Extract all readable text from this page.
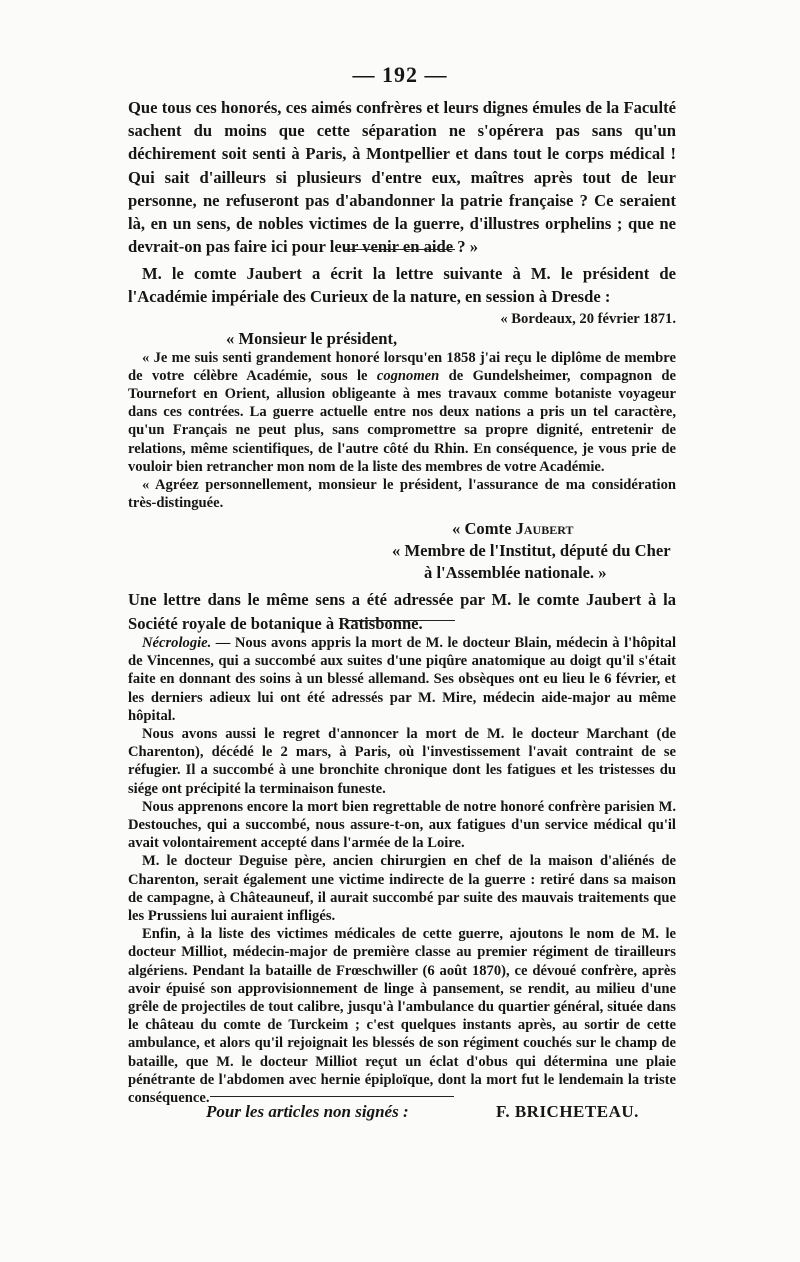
— 192 —

Que tous ces honorés, ces aimés confrères et leurs dignes émules de la Faculté sachent du moins que cette séparation ne s'opérera pas sans qu'un déchirement soit senti à Paris, à Montpellier et dans tout le corps médical ! Qui sait d'ailleurs si plusieurs d'entre eux, maîtres après tout de leur personne, ne refuseront pas d'abandonner la patrie française ? Ce seraient là, en un sens, de nobles victimes de la guerre, d'illustres orphelins ; que ne devrait-on pas faire ici pour leur venir en aide ? »

M. le comte Jaubert a écrit la lettre suivante à M. le président de l'Académie impériale des Curieux de la nature, en session à Dresde :

« Bordeaux, 20 février 1871.

« Monsieur le président,

« Je me suis senti grandement honoré lorsqu'en 1858 j'ai reçu le diplôme de membre de votre célèbre Académie, sous le cognomen de Gundelsheimer, compagnon de Tournefort en Orient, allusion obligeante à mes travaux comme botaniste voyageur dans ces contrées. La guerre actuelle entre nos deux nations a pris un tel caractère, qu'un Français ne peut plus, sans compromettre sa propre dignité, entretenir de relations, même scientifiques, de l'autre côté du Rhin. En conséquence, je vous prie de vouloir bien retrancher mon nom de la liste des membres de votre Académie.

« Agréez personnellement, monsieur le président, l'assurance de ma considération très-distinguée.

« Comte Jaubert

« Membre de l'Institut, député du Cher

à l'Assemblée nationale. »

Une lettre dans le même sens a été adressée par M. le comte Jaubert à la Société royale de botanique à Ratisbonne.

Nécrologie. — Nous avons appris la mort de M. le docteur Blain, médecin à l'hôpital de Vincennes, qui a succombé aux suites d'une piqûre anatomique au doigt qu'il s'était faite en donnant des soins à un blessé allemand. Ses obsèques ont eu lieu le 6 février, et les derniers adieux lui ont été adressés par M. Mire, médecin aide-major au même hôpital.

Nous avons aussi le regret d'annoncer la mort de M. le docteur Marchant (de Charenton), décédé le 2 mars, à Paris, où l'investissement l'avait contraint de se réfugier. Il a succombé à une bronchite chronique dont les fatigues et les tristesses du siége ont précipité la terminaison funeste.

Nous apprenons encore la mort bien regrettable de notre honoré confrère parisien M. Destouches, qui a succombé, nous assure-t-on, aux fatigues d'un service médical qu'il avait volontairement accepté dans l'armée de la Loire.

M. le docteur Deguise père, ancien chirurgien en chef de la maison d'aliénés de Charenton, serait également une victime indirecte de la guerre : retiré dans sa maison de campagne, à Châteauneuf, il aurait succombé par suite des mauvais traitements que les Prussiens lui auraient infligés.

Enfin, à la liste des victimes médicales de cette guerre, ajoutons le nom de M. le docteur Milliot, médecin-major de première classe au premier régiment de tirailleurs algériens. Pendant la bataille de Frœschwiller (6 août 1870), ce dévoué confrère, après avoir épuisé son approvisionnement de linge à pansement, se rendit, au milieu d'une grêle de projectiles de tout calibre, jusqu'à l'ambulance du quartier général, située dans le château du comte de Turckeim ; c'est quelques instants après, au sortir de cette ambulance, et alors qu'il rejoignait les blessés de son régiment couchés sur le champ de bataille, que M. le docteur Milliot reçut un éclat d'obus qui détermina une plaie pénétrante de l'abdomen avec hernie épiploïque, dont la mort fut le lendemain la triste conséquence.

Pour les articles non signés :	F. BRICHETEAU.
